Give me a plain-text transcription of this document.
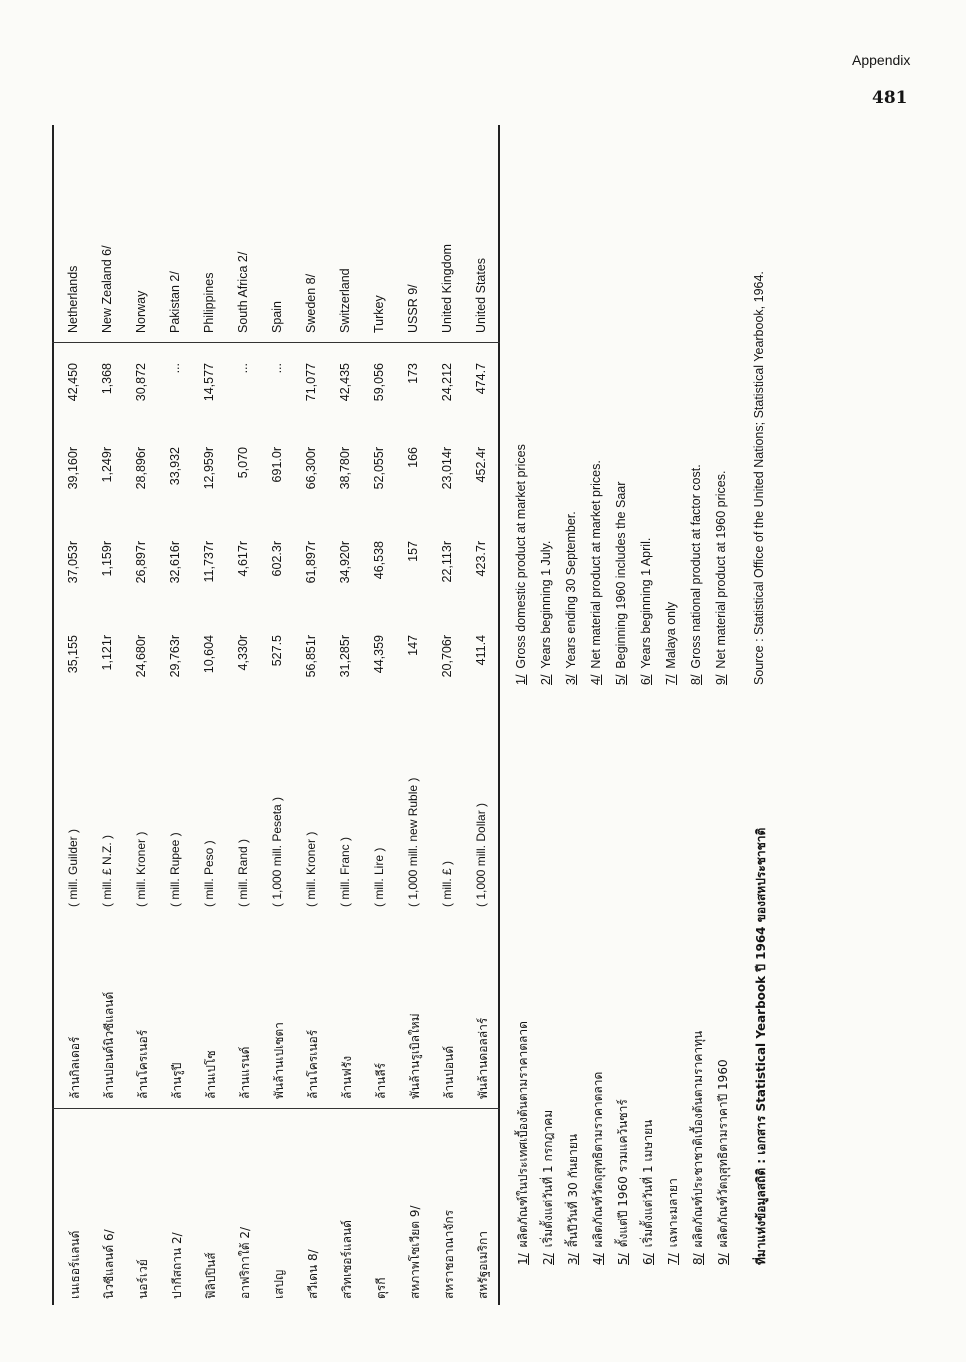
Appendix
481
เนเธอร์แลนด์
ล้านกิลเดอร์
( mill. Guilder )
35,155
37,053r
39,160r
42,450
Netherlands
นิวซีแลนด์ 6/
ล้านปอนด์นิวซีแลนด์
( mill. £ N.Z. )
1,121r
1,159r
1,249r
1,368
New Zealand 6/
นอร์เวย์
ล้านโครเนอร์
( mill. Kroner )
24,680r
26,897r
28,896r
30,872
Norway
ปากีสถาน 2/
ล้านรูปี
( mill. Rupee )
29,763r
32,616r
33,932
...
Pakistan 2/
ฟิลิปปินส์
ล้านเปโซ
( mill. Peso )
10,604
11,737r
12,959r
14,577
Philippines
อาฟริกาใต้ 2/
ล้านแรนด์
( mill. Rand )
4,330r
4,617r
5,070
...
South Africa 2/
เสปญ
พันล้านเปเซตา
( 1,000 mill. Peseta )
527.5
602.3r
691.0r
...
Spain
สวีเดน 8/
ล้านโครเนอร์
( mill. Kroner )
56,851r
61,897r
66,300r
71,077
Sweden 8/
สวิทเซอร์แลนด์
ล้านฟรัง
( mill. Franc )
31,285r
34,920r
38,780r
42,435
Switzerland
ตุรกี
ล้านลีร์
( mill. Lire )
44,359
46,538
52,055r
59,056
Turkey
สหภาพโซเวียต 9/
พันล้านรูเบิลใหม่
( 1,000 mill. new Ruble )
147
157
166
173
USSR 9/
สหราชอาณาจักร
ล้านปอนด์
( mill. £ )
20,706r
22,113r
23,014r
24,212
United Kingdom
สหรัฐอเมริกา
พันล้านดอลล่าร์
( 1,000 mill. Dollar )
411.4
423.7r
452.4r
474.7
United States
1/ผลิตภัณฑ์ในประเทศเบื้องต้นตามราคาตลาด
2/เริ่มตั้งแต่วันที่ 1 กรกฎาคม
3/สิ้นปีวันที่ 30 กันยายน
4/ผลิตภัณฑ์วัตถุสุทธิตามราคาตลาด
5/ตั้งแต่ปี 1960 รวมแคว้นซาร์
6/เริ่มตั้งแต่วันที่ 1 เมษายน
7/เฉพาะมลายา
8/ผลิตภัณฑ์ประชาชาติเบื้องต้นตามราคาทุน
9/ผลิตภัณฑ์วัตถุสุทธิตามราคาปี 1960
1/Gross domestic product at market prices
2/Years beginning 1 July.
3/Years ending 30 September.
4/Net material product at market prices.
5/Beginning 1960 includes the Saar
6/Years beginning 1 April.
7/Malaya only
8/Gross national product at factor cost.
9/Net material product at 1960 prices.
ที่มาแห่งข้อมูลสถิติ : เอกสาร Statistical Yearbook ปี 1964 ของสหประชาชาติ
Source : Statistical Office of the United Nations; Statistical Yearbook, 1964.
